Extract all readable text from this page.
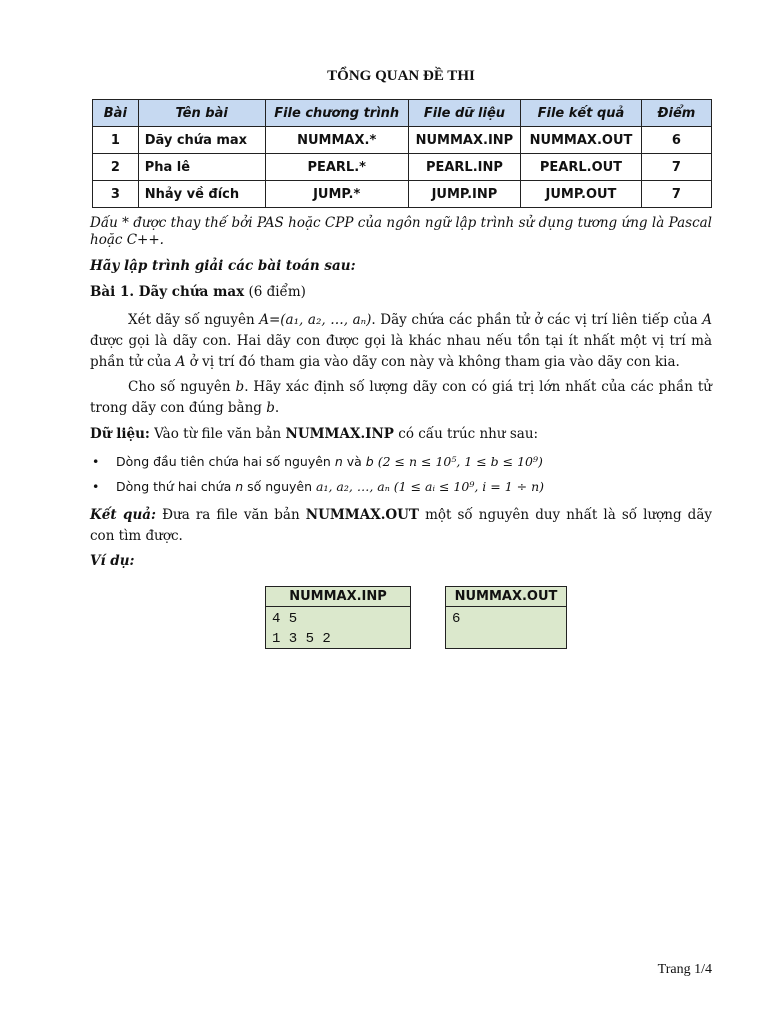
TỔNG QUAN ĐỀ THI
Bài	Tên bài	File chương trình	File dữ liệu	File kết quả	Điểm
1	Dãy chứa max	NUMMAX.*	NUMMAX.INP	NUMMAX.OUT	6
2	Pha lê	PEARL.*	PEARL.INP	PEARL.OUT	7
3	Nhảy về đích	JUMP.*	JUMP.INP	JUMP.OUT	7
Dấu * được thay thế bởi PAS hoặc CPP của ngôn ngữ lập trình sử dụng tương ứng là Pascal hoặc C++.
Hãy lập trình giải các bài toán sau:
Bài 1. Dãy chứa max (6 điểm)
Xét dãy số nguyên A=(a₁, a₂, …, aₙ). Dãy chứa các phần tử ở các vị trí liên tiếp của A được gọi là dãy con. Hai dãy con được gọi là khác nhau nếu tồn tại ít nhất một vị trí mà phần tử của A ở vị trí đó tham gia vào dãy con này và không tham gia vào dãy con kia.
Cho số nguyên b. Hãy xác định số lượng dãy con có giá trị lớn nhất của các phần tử trong dãy con đúng bằng b.
Dữ liệu: Vào từ file văn bản NUMMAX.INP có cấu trúc như sau:
• Dòng đầu tiên chứa hai số nguyên n và b (2 ≤ n ≤ 10⁵, 1 ≤ b ≤ 10⁹)
• Dòng thứ hai chứa n số nguyên a₁, a₂, …, aₙ (1 ≤ aᵢ ≤ 10⁹, i = 1 ÷ n)
Kết quả: Đưa ra file văn bản NUMMAX.OUT một số nguyên duy nhất là số lượng dãy con tìm được.
Ví dụ:
NUMMAX.INP
4 5
1 3 5 2
NUMMAX.OUT
6
Trang 1/4
